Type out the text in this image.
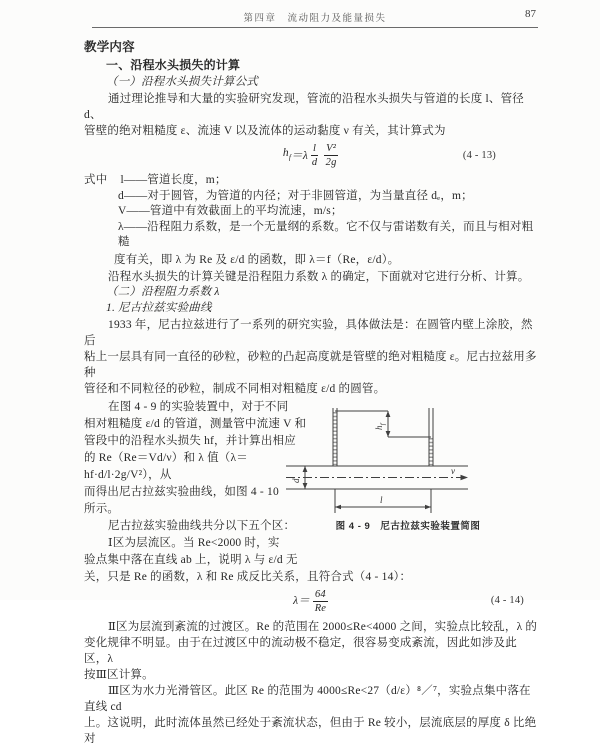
第四章　流动阻力及能量损失	87
教学内容
一、沿程水头损失的计算
（一）沿程水头损失计算公式
通过理论推导和大量的实验研究发现，管流的沿程水头损失与管道的长度 l、管径 d、
管壁的绝对粗糙度 ε、流速 V 以及流体的运动黏度 ν 有关，其计算式为
$h_f =\lambda \frac{l}{d} \frac{\text{V²}}{2g}$	(4 - 13)
式中 l——管道长度，m；
d——对于圆管，为管道的内径；对于非圆管道，为当量直径 dₑ，m；
V——管道中有效截面上的平均流速，m/s；
λ——沿程阻力系数，是一个无量纲的系数。它不仅与雷诺数有关，而且与相对粗糙
度有关，即 λ 为 Re 及 ε/d 的函数，即 λ＝f（Re，ε/d）。
沿程水头损失的计算关键是沿程阻力系数 λ 的确定，下面就对它进行分析、计算。
（二）沿程阻力系数 λ
1. 尼古拉兹实验曲线
1933 年，尼古拉兹进行了一系列的研究实验，具体做法是：在圆管内壁上涂胶，然后
粘上一层具有同一直径的砂粒，砂粒的凸起高度就是管壁的绝对粗糙度 ε。尼古拉兹用多种
管径和不同粒径的砂粒，制成不同相对粗糙度 ε/d 的圆管。
在图 4 - 9 的实验装置中，对于不同
相对粗糙度 ε/d 的管道，测量管中流速 V 和
管段中的沿程水头损失 hf，并计算出相应
的 Re（Re＝Vd/ν）和 λ 值（λ＝hf·d/l·2g/V²），从
而得出尼古拉兹实验曲线，如图 4 - 10
所示。
尼古拉兹实验曲线共分以下五个区：
Ⅰ区为层流区。当 Re<2000 时，实
验点集中落在直线 ab 上，说明 λ 与 ε/d 无
$h_f$
d
l
v
图 4 - 9　尼古拉兹实验装置简图
关，只是 Re 的函数，λ 和 Re 成反比关系，且符合式（4 - 14）：
$\lambda= \frac{64}{Re}$	(4 - 14)
Ⅱ区为层流到紊流的过渡区。Re 的范围在 2000≤Re<4000 之间，实验点比较乱，λ 的
变化规律不明显。由于在过渡区中的流动极不稳定，很容易变成紊流，因此如涉及此区，λ
按Ⅲ区计算。
Ⅲ区为水力光滑管区。此区 Re 的范围为 4000≤Re<27（d/ε）⁸／⁷，实验点集中落在直线 cd
上。这说明，此时流体虽然已经处于紊流状态，但由于 Re 较小，层流底层的厚度 δ 比绝对
